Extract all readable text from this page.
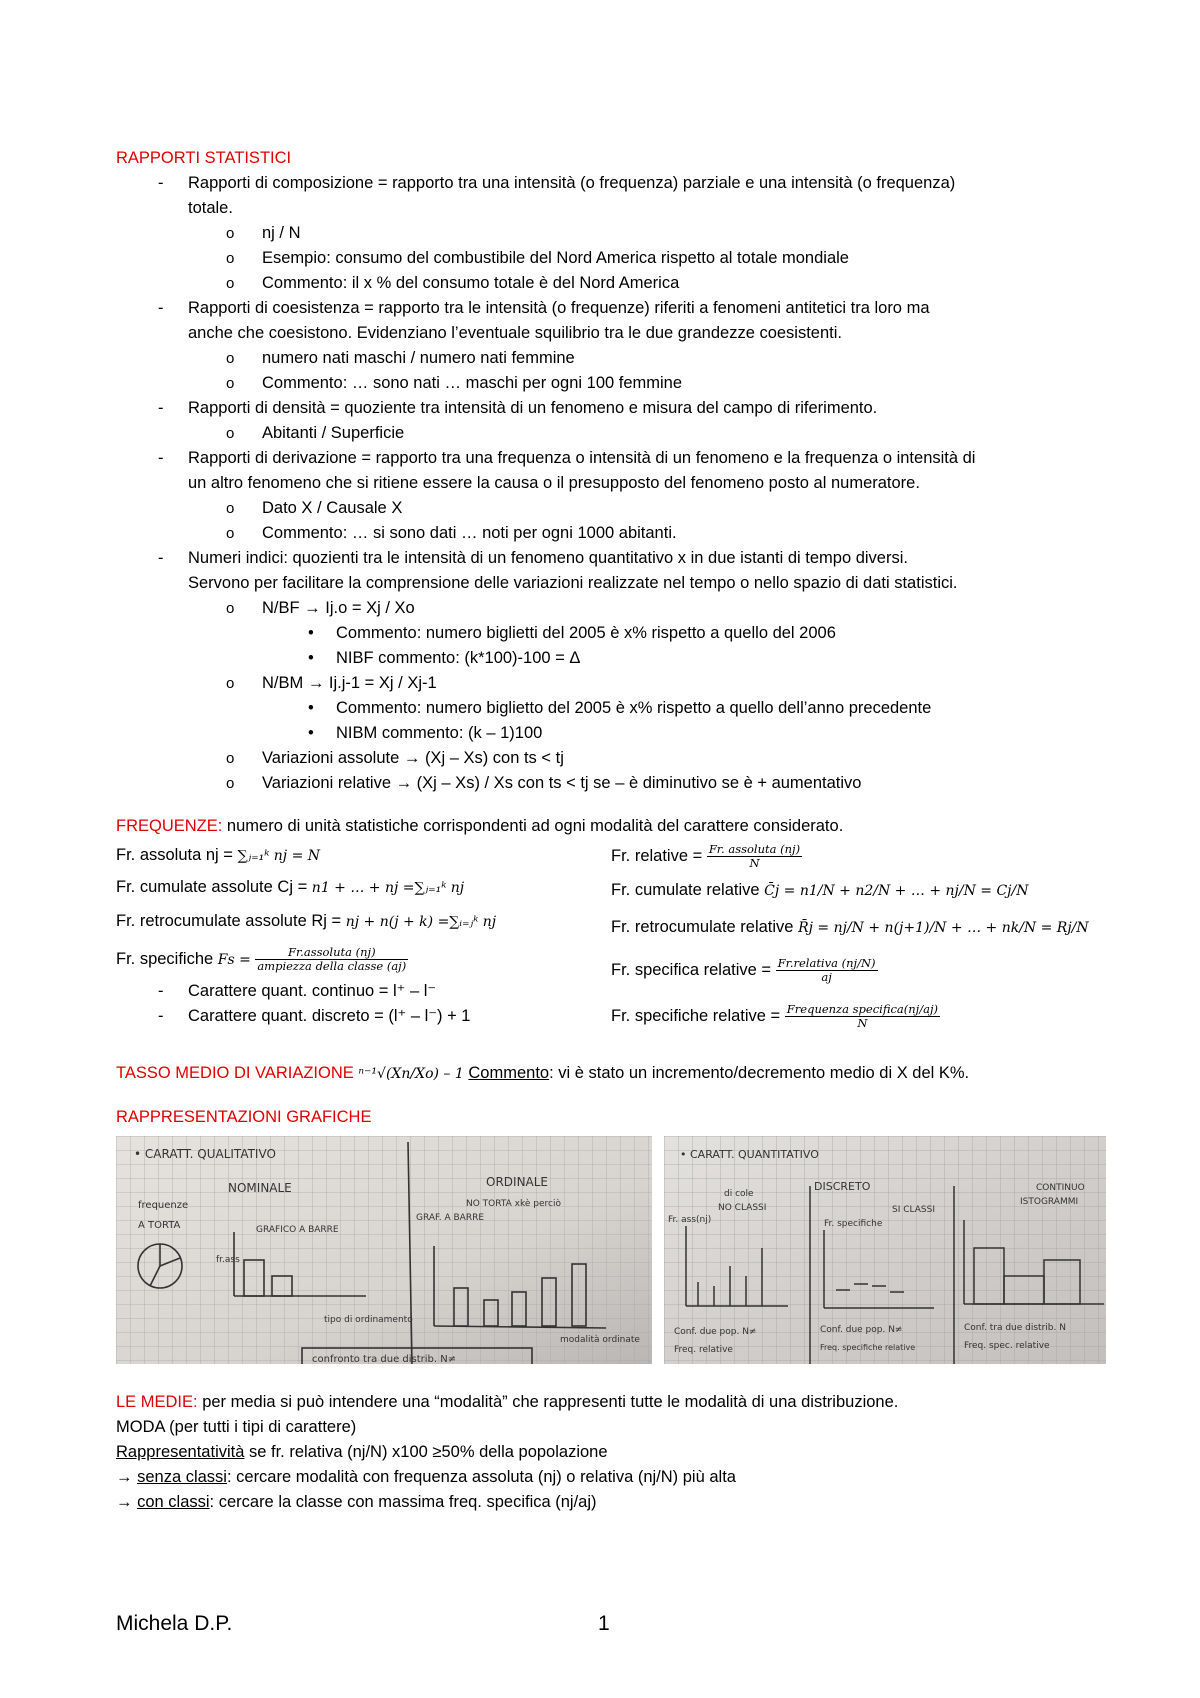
RAPPORTI STATISTICI

- Rapporti di composizione = rapporto tra una intensità (o frequenza) parziale e una intensità (o frequenza)

totale.

o nj / N

o Esempio: consumo del combustibile del Nord America rispetto al totale mondiale

o Commento: il x % del consumo totale è del Nord America

- Rapporti di coesistenza = rapporto tra le intensità (o frequenze) riferiti a fenomeni antitetici tra loro ma

anche che coesistono. Evidenziano l’eventuale squilibrio tra le due grandezze coesistenti.

o numero nati maschi / numero nati femmine

o Commento: … sono nati … maschi per ogni 100 femmine

- Rapporti di densità = quoziente tra intensità di un fenomeno e misura del campo di riferimento.

o Abitanti / Superficie

- Rapporti di derivazione = rapporto tra una frequenza o intensità di un fenomeno e la frequenza o intensità di

un altro fenomeno che si ritiene essere la causa o il presupposto del fenomeno posto al numeratore.

o Dato X / Causale X

o Commento: … si sono dati … noti per ogni 1000 abitanti.

- Numeri indici: quozienti tra le intensità di un fenomeno quantitativo x in due istanti di tempo diversi.

Servono per facilitare la comprensione delle variazioni realizzate nel tempo o nello spazio di dati statistici.

o N/BF → Ij.o = Xj / Xo

• Commento: numero biglietti del 2005 è x% rispetto a quello del 2006

• NIBF commento: (k*100)-100 = Δ

o N/BM → Ij.j-1 = Xj / Xj-1

• Commento: numero biglietto del 2005 è x% rispetto a quello dell’anno precedente

• NIBM commento: (k – 1)100

o Variazioni assolute → (Xj – Xs) con ts < tj

o Variazioni relative → (Xj – Xs) / Xs con ts < tj se – è diminutivo se è + aumentativo

FREQUENZE: numero di unità statistiche corrispondenti ad ogni modalità del carattere considerato.

Fr. assoluta nj = ∑ⱼ₌₁ᵏ nj = N

Fr. cumulate assolute Cj = n1 + … + nj =∑ⱼ₌₁ᵏ nj

Fr. retrocumulate assolute Rj = nj + n(j + k) =∑ᵢ₌ⱼᵏ nj

Fr. specifiche $Fs = \frac{\text{Fr.assoluta (nj)}}{\text{ampiezza della classe (aj)}}$

- Carattere quant. continuo = l⁺ – l⁻

- Carattere quant. discreto = (l⁺ – l⁻) + 1

Fr. relative = $\frac{\text{Fr. assoluta (nj)}}{N}$

Fr. cumulate relative C̄j = n1/N + n2/N + … + nj/N = Cj/N

Fr. retrocumulate relative R̄j = nj/N + n(j+1)/N + … + nk/N = Rj/N

Fr. specifica relative = $\frac{\text{Fr.relativa (nj/N)}}{aj}$

Fr. specifiche relative = $\frac{\text{Frequenza specifica(nj/aj)}}{N}$

TASSO MEDIO DI VARIAZIONE ⁿ⁻¹√(Xn/Xo) – 1 Commento: vi è stato un incremento/decremento medio di X del K%.

RAPPRESENTAZIONI GRAFICHE

• CARATT. QUALITATIVO
NOMINALE	ORDINALE
frequenze
A TORTA	GRAFICO A BARRE
fr.ass
GRAF. A BARRE
NO TORTA xkè perciò
tipo di ordinamento
modalità ordinate
confronto tra due distrib. N≠
• CARATT. QUANTITATIVO
DISCRETO	CONTINUO
di cole
NO CLASSI	SI CLASSI
ISTOGRAMMI
Fr. ass(nj)	Fr. specifiche
Conf. due pop. N≠	Conf. due pop. N≠	Conf. tra due distrib. N
Freq. relative	Freq. specifiche relative	Freq. spec. relative

LE MEDIE: per media si può intendere una “modalità” che rappresenti tutte le modalità di una distribuzione.

MODA (per tutti i tipi di carattere)

Rappresentatività se fr. relativa (nj/N) x100 ≥50% della popolazione

→ senza classi: cercare modalità con frequenza assoluta (nj) o relativa (nj/N) più alta

→ con classi: cercare la classe con massima freq. specifica (nj/aj)

Michela D.P.	1
